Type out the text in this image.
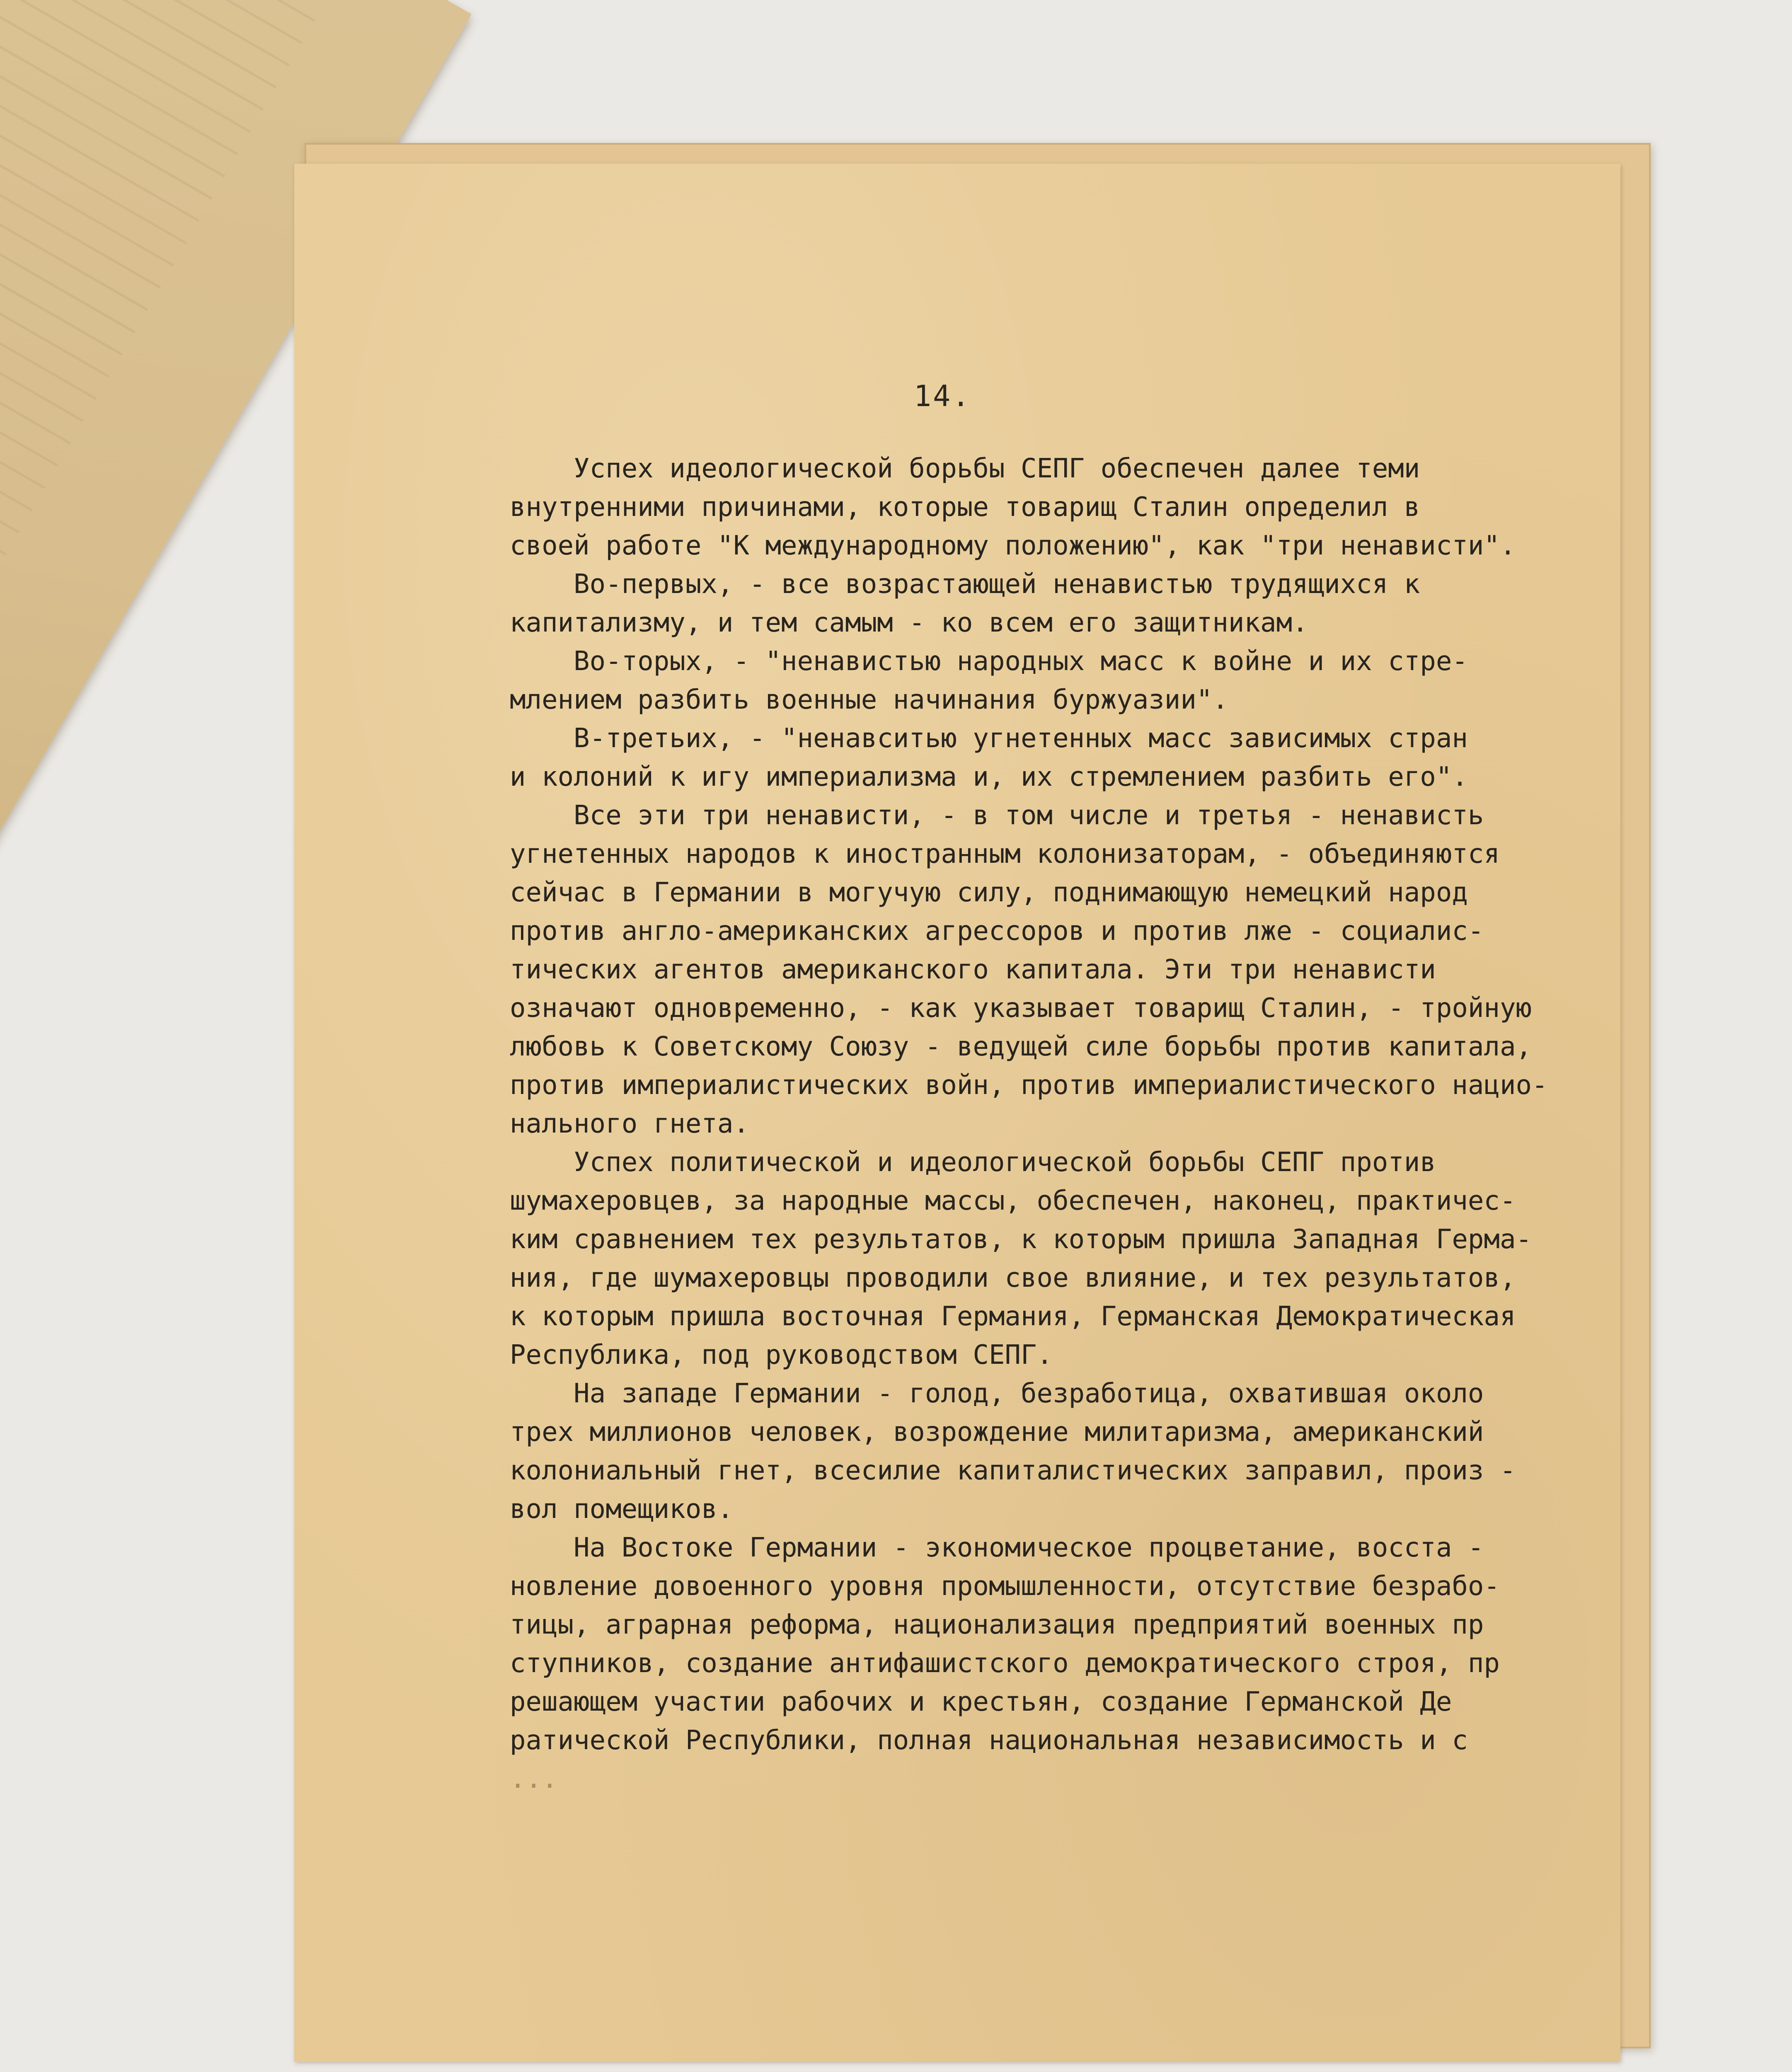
14.
Успех идеологической борьбы СЕПГ обеспечен далее теми
внутренними причинами, которые товарищ Сталин определил в
своей работе "К международному положению", как "три ненависти".
Во-первых, - все возрастающей ненавистью трудящихся к
капитализму, и тем самым - ко всем его защитникам.
Во-торых, - "ненавистью народных масс к войне и их стре-
млением разбить военные начинания буржуазии".
В-третьих, - "ненавситью угнетенных масс зависимых стран
и колоний к игу империализма и, их стремлением разбить его".
Все эти три ненависти, - в том числе и третья - ненависть
угнетенных народов к иностранным колонизаторам, - объединяются
сейчас в Германии в могучую силу, поднимающую немецкий народ
против англо-американских агрессоров и против лже - социалис-
тических агентов американского капитала. Эти три ненависти
означают одновременно, - как указывает товарищ Сталин, - тройную
любовь к Советскому Союзу - ведущей силе борьбы против капитала,
против империалистических войн, против империалистического нацио-
нального гнета.
Успех политической и идеологической борьбы СЕПГ против
шумахеровцев, за народные массы, обеспечен, наконец, практичес-
ким сравнением тех результатов, к которым пришла Западная Герма-
ния, где шумахеровцы проводили свое влияние, и тех результатов,
к которым пришла восточная Германия, Германская Демократическая
Республика, под руководством СЕПГ.
На западе Германии - голод, безработица, охватившая около
трех миллионов человек, возрождение милитаризма, американский
колониальный гнет, всесилие капиталистических заправил, произ -
вол помещиков.
На Востоке Германии - экономическое процветание, восста -
новление довоенного уровня промышленности, отсутствие безрабо-
тицы, аграрная реформа, национализация предприятий военных пр
ступников, создание антифашистского демократического строя, пр
решающем участии рабочих и крестьян, создание Германской Де
ратической Республики, полная национальная независимость и с
...
